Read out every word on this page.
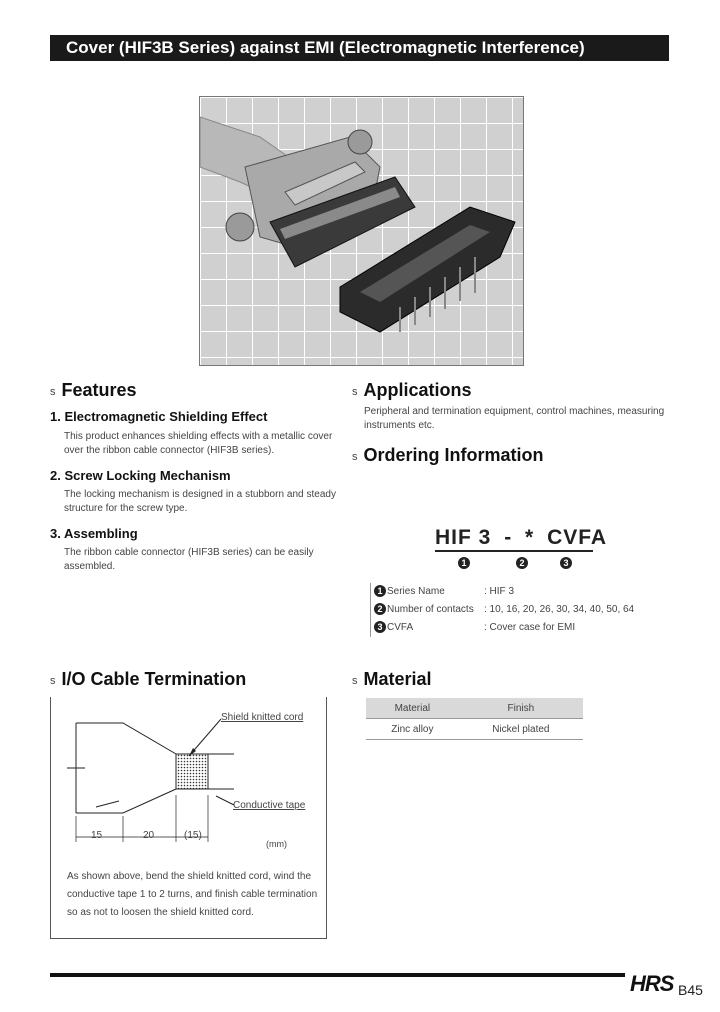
Cover (HIF3B Series) against EMI (Electromagnetic Interference)
s Features
1. Electromagnetic Shielding Effect
This product enhances shielding effects with a metallic cover over the ribbon cable connector (HIF3B series).
2. Screw Locking Mechanism
The locking mechanism is designed in a stubborn and steady structure for the screw type.
3. Assembling
The ribbon cable connector (HIF3B series) can be easily assembled.
s Applications
Peripheral and termination equipment, control machines, measuring instruments etc.
s Ordering Information
HIF 3 - * CVFA
1	2	3
1 Series Name	: HIF 3
2 Number of contacts	: 10, 16, 20, 26, 30, 34, 40, 50, 64
3 CVFA	: Cover case for EMI
s I/O Cable Termination
Shield knitted cord
Conductive tape
15	20	(15)
(mm)
As shown above, bend the shield knitted cord, wind the conductive tape 1 to 2 turns, and finish cable termination so as not to loosen the shield knitted cord.
s Material
Material	Finish
Zinc alloy	Nickel plated
HRS B45
